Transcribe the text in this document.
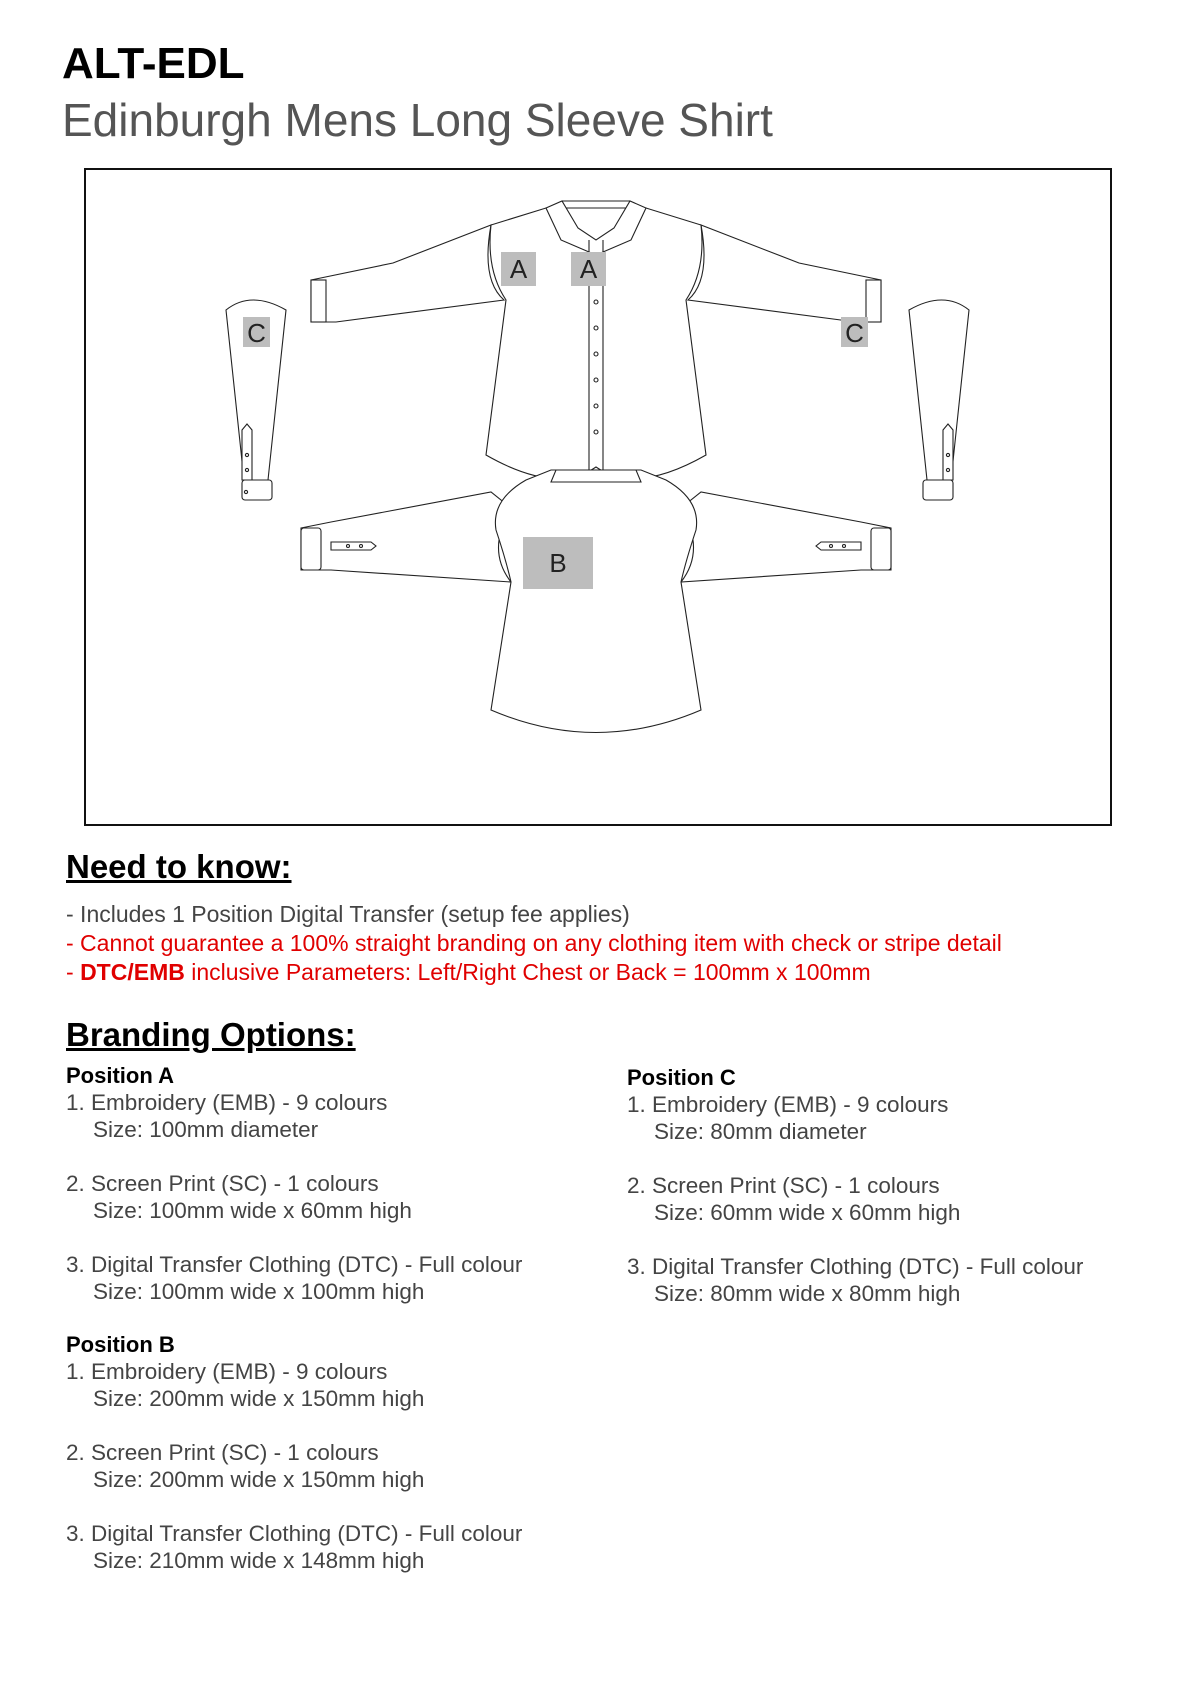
ALT-EDL
Edinburgh Mens Long Sleeve Shirt
A A
C	C
B
Need to know:
- Includes 1 Position Digital Transfer (setup fee applies)
- Cannot guarantee a 100% straight branding on any clothing item with check or stripe detail
- DTC/EMB inclusive Parameters: Left/Right Chest or Back = 100mm x 100mm
Branding Options:
Position A
1. Embroidery (EMB) - 9 colours
Size: 100mm diameter
2. Screen Print (SC) - 1 colours
Size: 100mm wide x 60mm high
3. Digital Transfer Clothing (DTC) - Full colour
Size: 100mm wide x 100mm high
Position B
1. Embroidery (EMB) - 9 colours
Size: 200mm wide x 150mm high
2. Screen Print (SC) - 1 colours
Size: 200mm wide x 150mm high
3. Digital Transfer Clothing (DTC) - Full colour
Size: 210mm wide x 148mm high
Position C
1. Embroidery (EMB) - 9 colours
Size: 80mm diameter
2. Screen Print (SC) - 1 colours
Size: 60mm wide x 60mm high
3. Digital Transfer Clothing (DTC) - Full colour
Size: 80mm wide x 80mm high
